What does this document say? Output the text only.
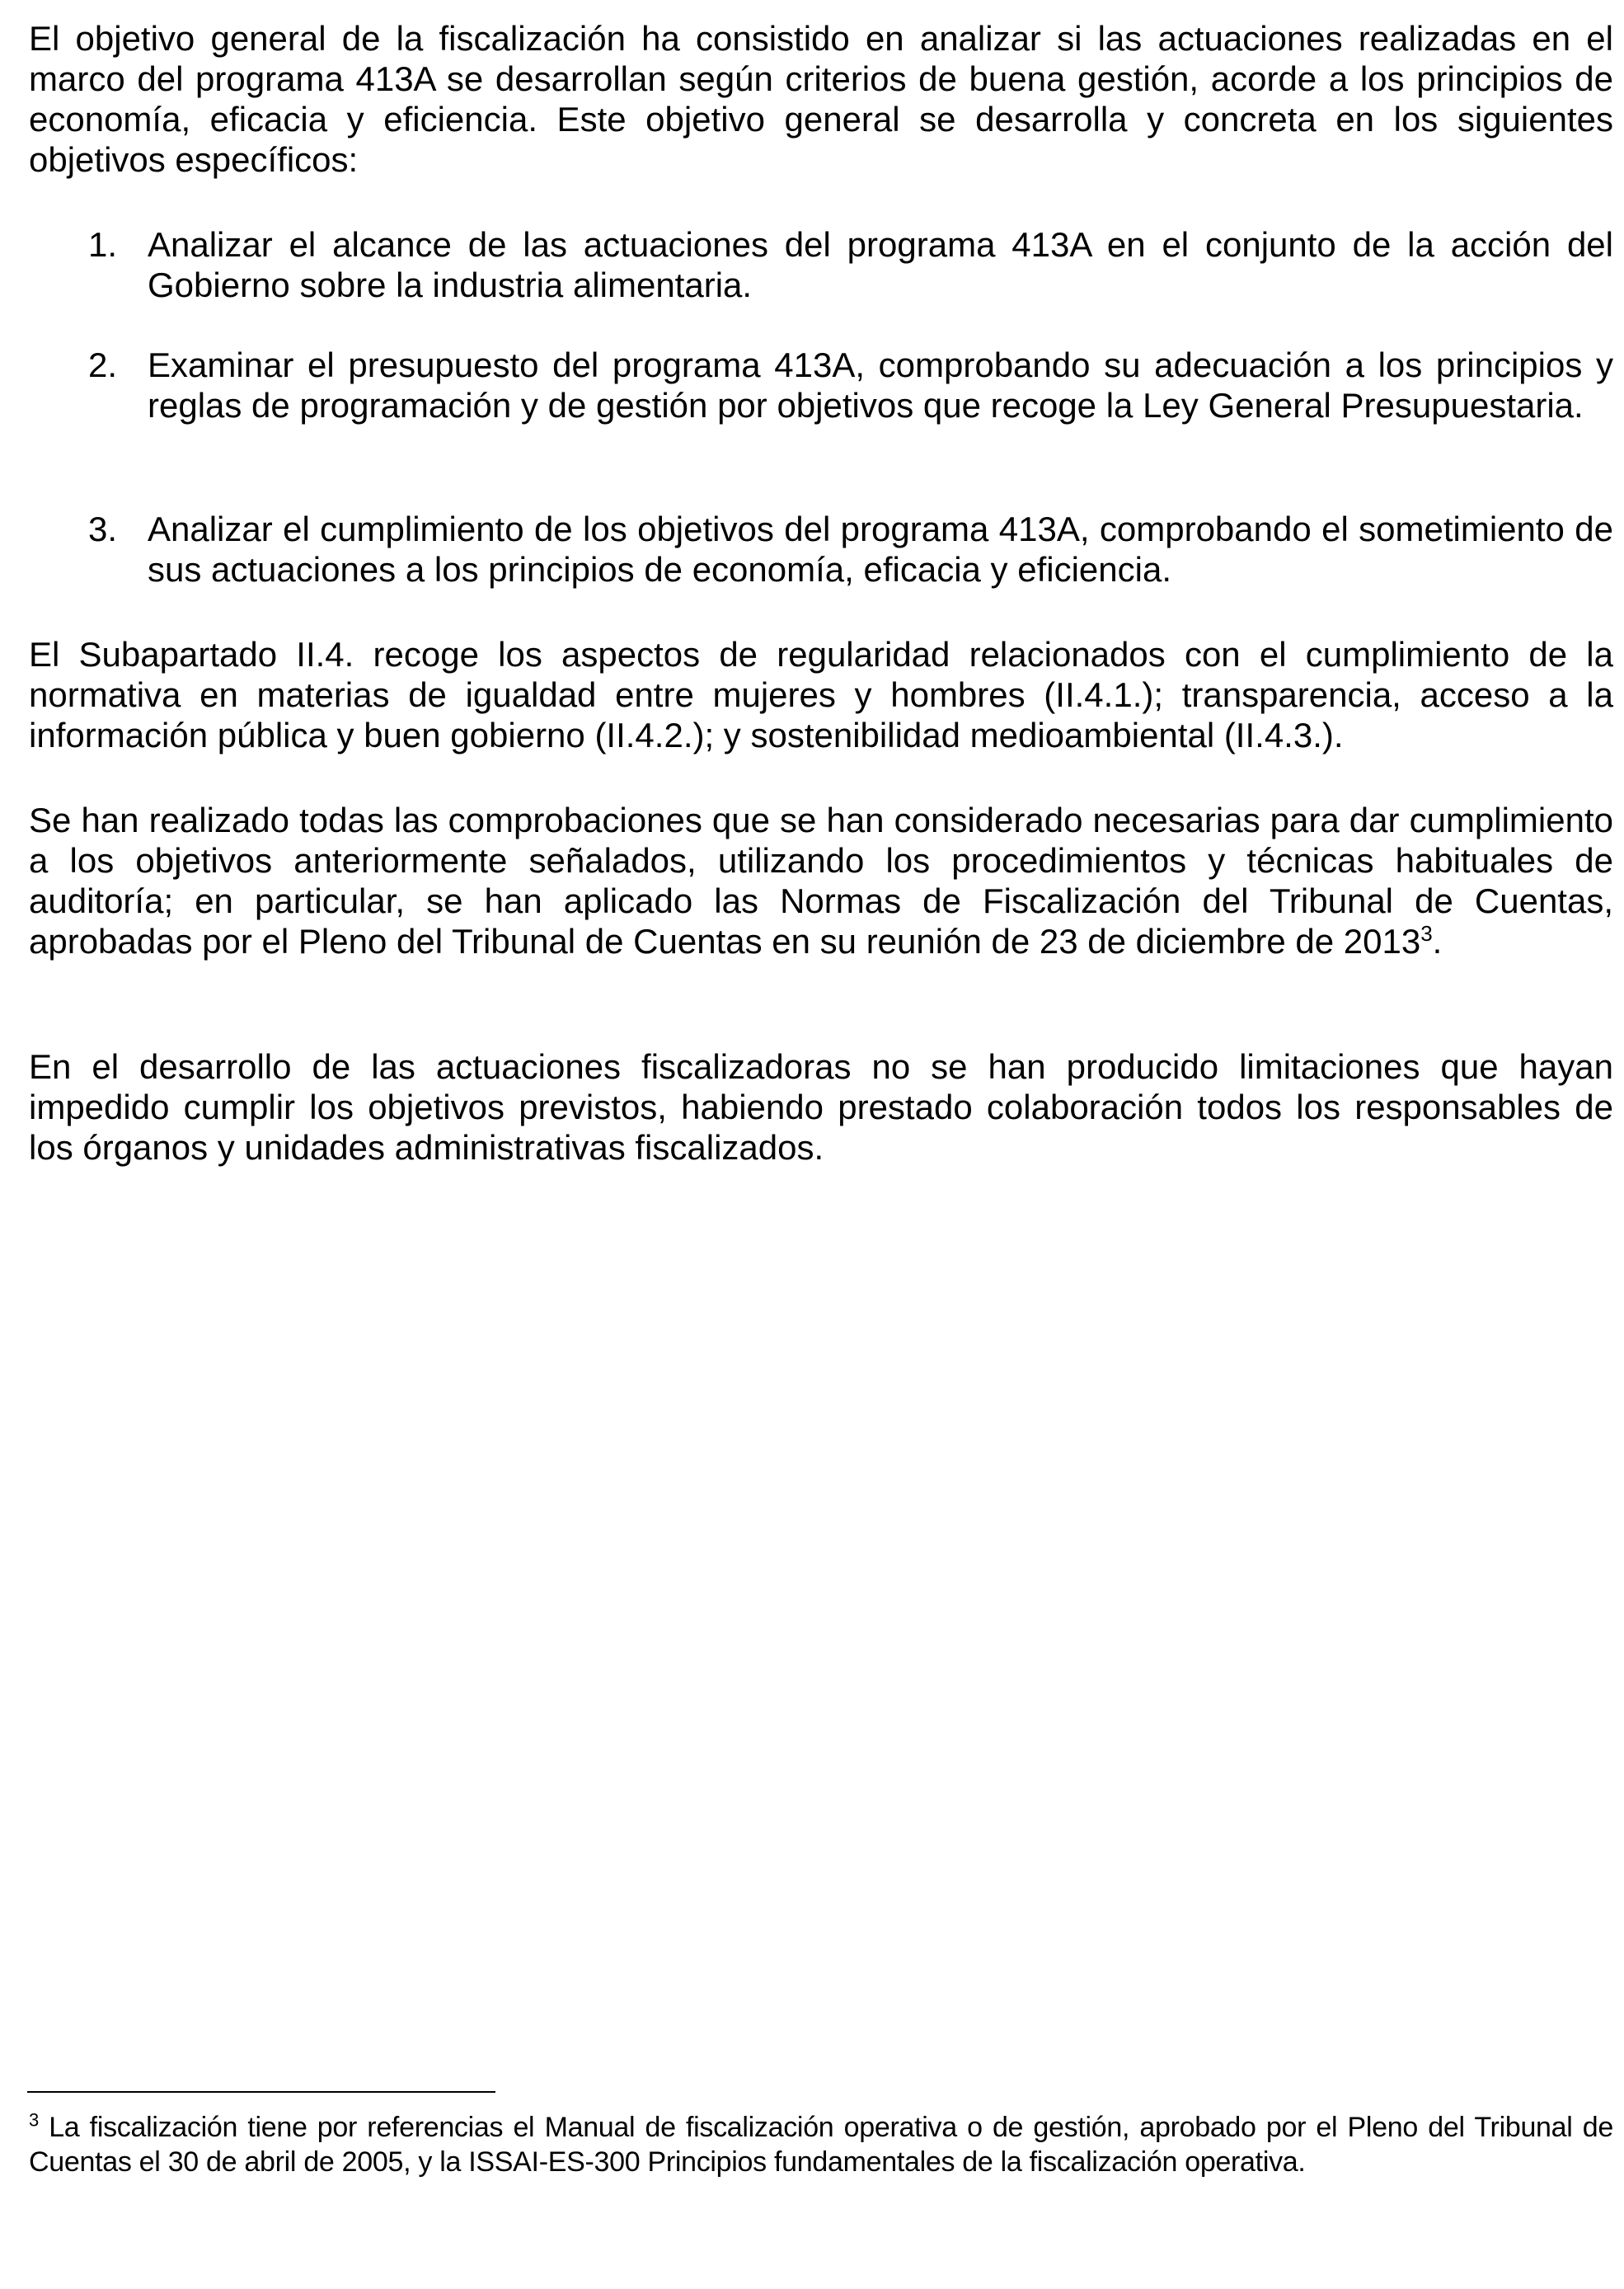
El objetivo general de la fiscalización ha consistido en analizar si las actuaciones realizadas en el marco del programa 413A se desarrollan según criterios de buena gestión, acorde a los principios de economía, eficacia y eficiencia. Este objetivo general se desarrolla y concreta en los siguientes objetivos específicos:
1. Analizar el alcance de las actuaciones del programa 413A en el conjunto de la acción del Gobierno sobre la industria alimentaria.
2. Examinar el presupuesto del programa 413A, comprobando su adecuación a los principios y reglas de programación y de gestión por objetivos que recoge la Ley General Presupuestaria.
3. Analizar el cumplimiento de los objetivos del programa 413A, comprobando el sometimiento de sus actuaciones a los principios de economía, eficacia y eficiencia.
El Subapartado II.4. recoge los aspectos de regularidad relacionados con el cumplimiento de la normativa en materias de igualdad entre mujeres y hombres (II.4.1.); transparencia, acceso a la información pública y buen gobierno (II.4.2.); y sostenibilidad medioambiental (II.4.3.).
Se han realizado todas las comprobaciones que se han considerado necesarias para dar cumplimiento a los objetivos anteriormente señalados, utilizando los procedimientos y técnicas habituales de auditoría; en particular, se han aplicado las Normas de Fiscalización del Tribunal de Cuentas, aprobadas por el Pleno del Tribunal de Cuentas en su reunión de 23 de diciembre de 2013$^3$.
En el desarrollo de las actuaciones fiscalizadoras no se han producido limitaciones que hayan impedido cumplir los objetivos previstos, habiendo prestado colaboración todos los responsables de los órganos y unidades administrativas fiscalizados.
$^3$ La fiscalización tiene por referencias el Manual de fiscalización operativa o de gestión, aprobado por el Pleno del Tribunal de Cuentas el 30 de abril de 2005, y la ISSAI-ES-300 Principios fundamentales de la fiscalización operativa.
